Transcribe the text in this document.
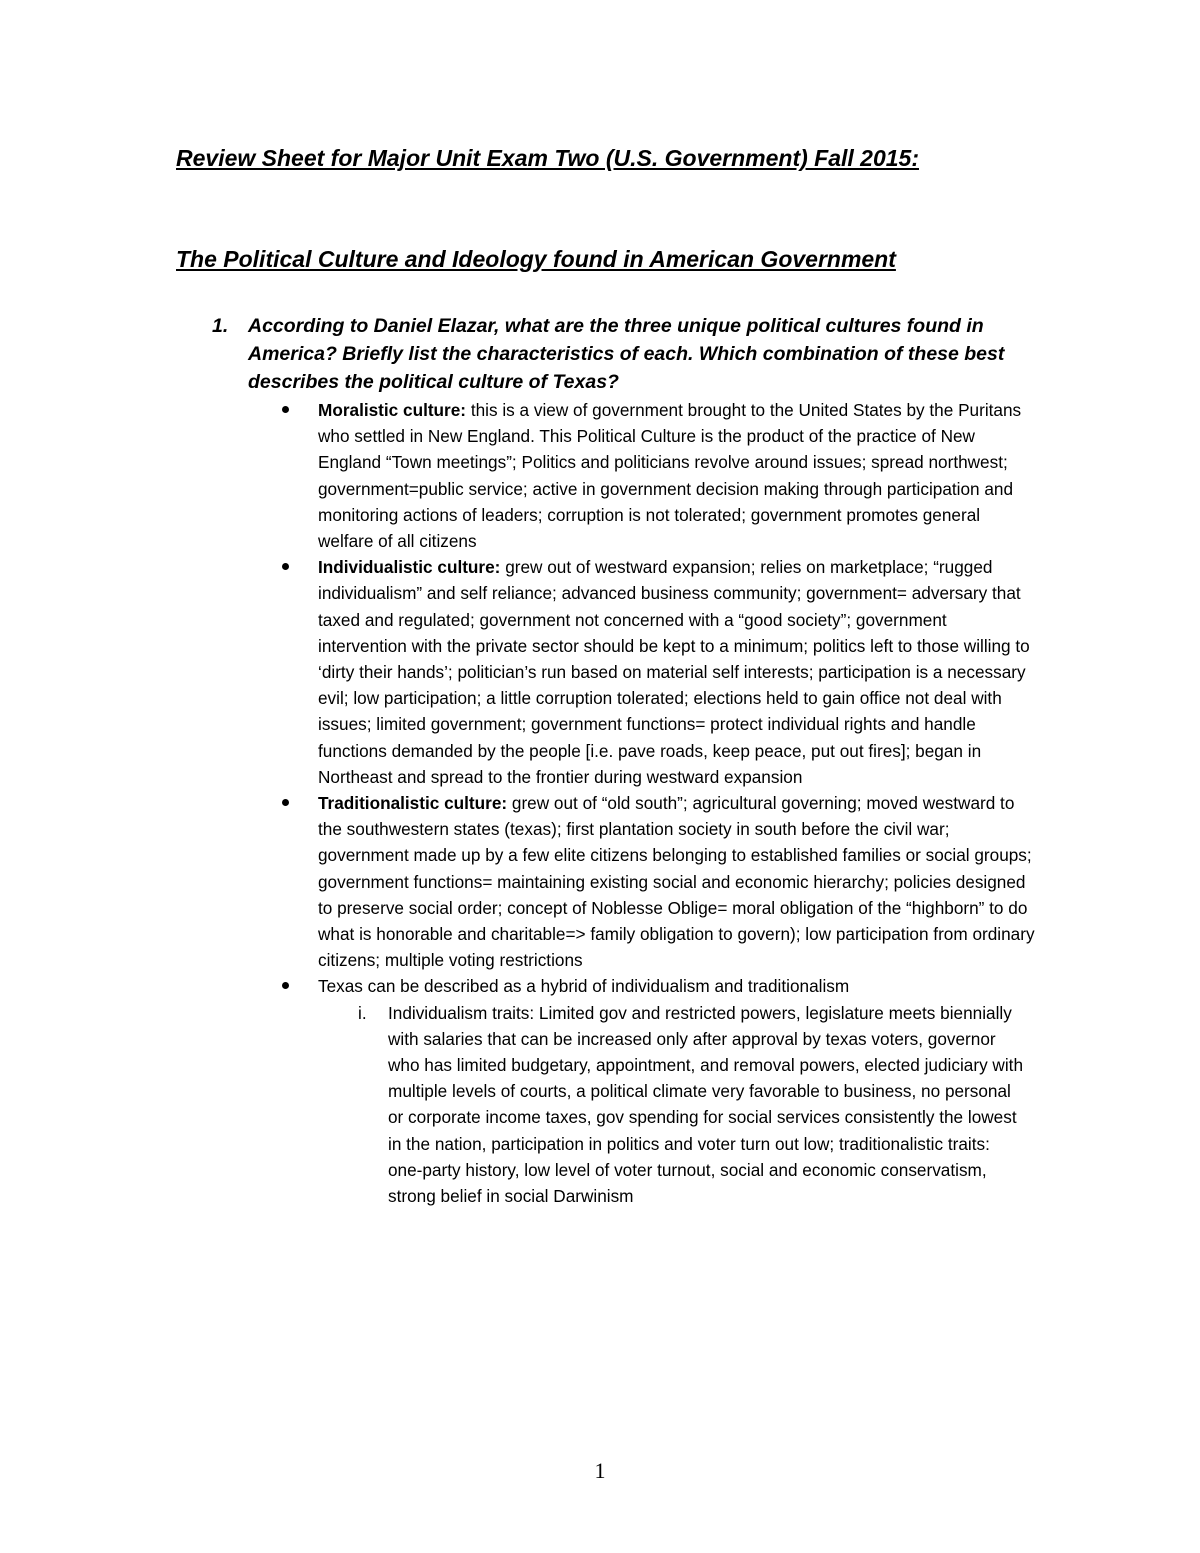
Review Sheet for Major Unit Exam Two (U.S. Government) Fall 2015:
The Political Culture and Ideology found in American Government
1.	According to Daniel Elazar, what are the three unique political cultures found in America? Briefly list the characteristics of each. Which combination of these best describes the political culture of Texas?
Moralistic culture: this is a view of government brought to the United States by the Puritans who settled in New England. This Political Culture is the product of the practice of New England “Town meetings”; Politics and politicians revolve around issues; spread northwest; government=public service; active in government decision making through participation and monitoring actions of leaders; corruption is not tolerated; government promotes general welfare of all citizens
Individualistic culture: grew out of westward expansion; relies on marketplace; “rugged individualism” and self reliance; advanced business community; government= adversary that taxed and regulated; government not concerned with a “good society”; government intervention with the private sector should be kept to a minimum; politics left to those willing to ‘dirty their hands’; politician’s run based on material self interests; participation is a necessary evil; low participation; a little corruption tolerated; elections held to gain office not deal with issues; limited government; government functions= protect individual rights and handle functions demanded by the people [i.e. pave roads, keep peace, put out fires]; began in Northeast and spread to the frontier during westward expansion
Traditionalistic culture: grew out of “old south”; agricultural governing; moved westward to the southwestern states (texas); first plantation society in south before the civil war; government made up by a few elite citizens belonging to established families or social groups; government functions= maintaining existing social and economic hierarchy; policies designed to preserve social order; concept of Noblesse Oblige= moral obligation of the “highborn” to do what is honorable and charitable=> family obligation to govern); low participation from ordinary citizens; multiple voting restrictions
Texas can be described as a hybrid of individualism and traditionalism
i. Individualism traits: Limited gov and restricted powers, legislature meets biennially with salaries that can be increased only after approval by texas voters, governor who has limited budgetary, appointment, and removal powers, elected judiciary with multiple levels of courts, a political climate very favorable to business, no personal or corporate income taxes, gov spending for social services consistently the lowest in the nation, participation in politics and voter turn out low; traditionalistic traits: one-party history, low level of voter turnout, social and economic conservatism, strong belief in social Darwinism
1
